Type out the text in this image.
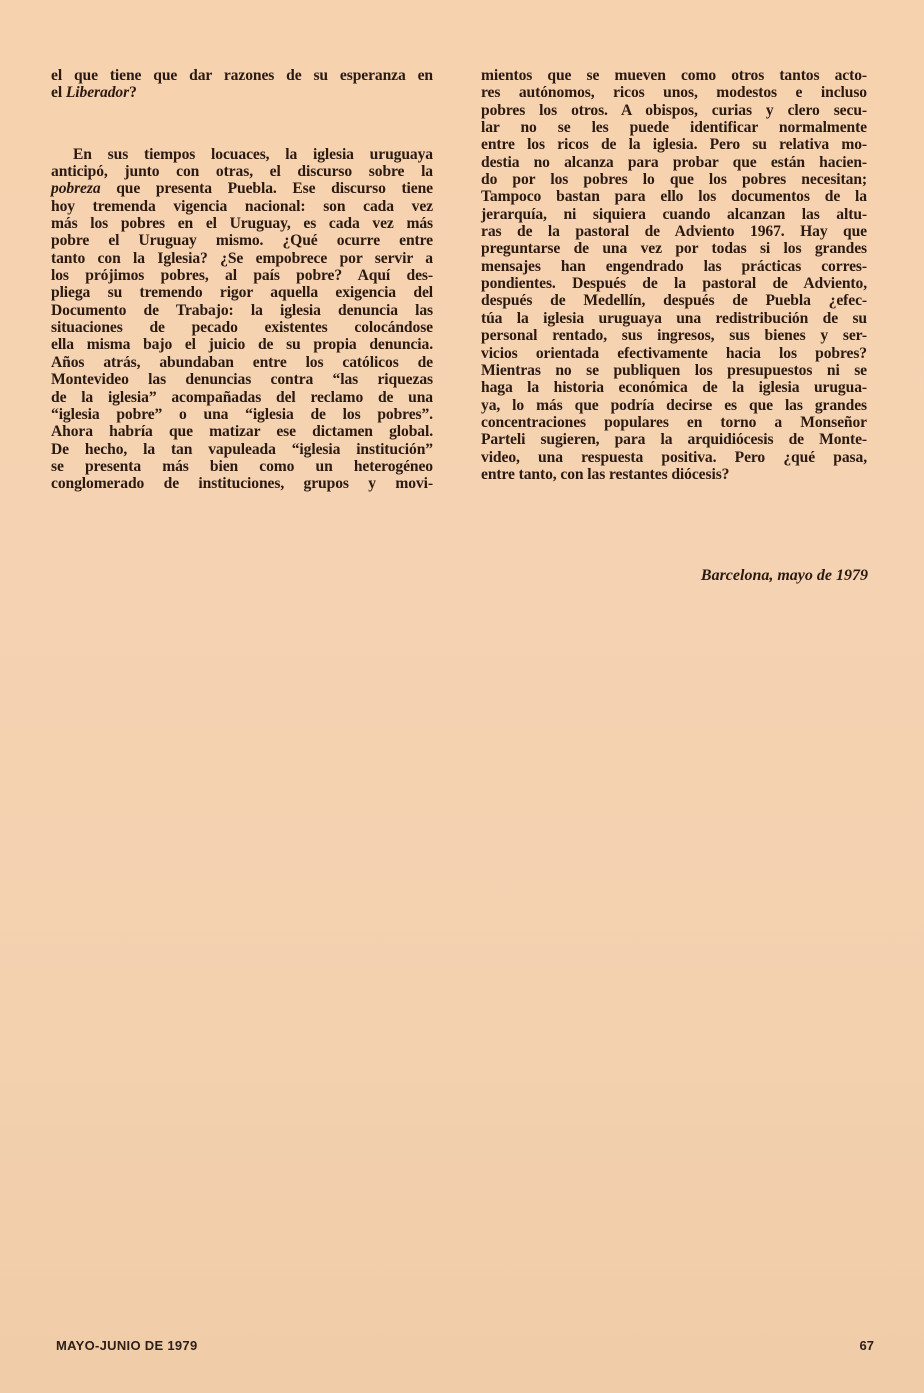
el que tiene que dar razones de su esperanza en
el Liberador?
En sus tiempos locuaces, la iglesia uruguaya
anticipó, junto con otras, el discurso sobre la
pobreza que presenta Puebla. Ese discurso tiene
hoy tremenda vigencia nacional: son cada vez
más los pobres en el Uruguay, es cada vez más
pobre el Uruguay mismo. ¿Qué ocurre entre
tanto con la Iglesia? ¿Se empobrece por servir a
los prójimos pobres, al país pobre? Aquí des-
pliega su tremendo rigor aquella exigencia del
Documento de Trabajo: la iglesia denuncia las
situaciones de pecado existentes colocándose
ella misma bajo el juicio de su propia denuncia.
Años atrás, abundaban entre los católicos de
Montevideo las denuncias contra “las riquezas
de la iglesia” acompañadas del reclamo de una
“iglesia pobre” o una “iglesia de los pobres”.
Ahora habría que matizar ese dictamen global.
De hecho, la tan vapuleada “iglesia institución”
se presenta más bien como un heterogéneo
conglomerado de instituciones, grupos y movi-
mientos que se mueven como otros tantos acto-
res autónomos, ricos unos, modestos e incluso
pobres los otros. A obispos, curias y clero secu-
lar no se les puede identificar normalmente
entre los ricos de la iglesia. Pero su relativa mo-
destia no alcanza para probar que están hacien-
do por los pobres lo que los pobres necesitan;
Tampoco bastan para ello los documentos de la
jerarquía, ni siquiera cuando alcanzan las altu-
ras de la pastoral de Adviento 1967. Hay que
preguntarse de una vez por todas si los grandes
mensajes han engendrado las prácticas corres-
pondientes. Después de la pastoral de Adviento,
después de Medellín, después de Puebla ¿efec-
túa la iglesia uruguaya una redistribución de su
personal rentado, sus ingresos, sus bienes y ser-
vicios orientada efectivamente hacia los pobres?
Mientras no se publiquen los presupuestos ni se
haga la historia económica de la iglesia urugua-
ya, lo más que podría decirse es que las grandes
concentraciones populares en torno a Monseñor
Parteli sugieren, para la arquidiócesis de Monte-
video, una respuesta positiva. Pero ¿qué pasa,
entre tanto, con las restantes diócesis?
Barcelona, mayo de 1979
MAYO-JUNIO DE 1979	67
